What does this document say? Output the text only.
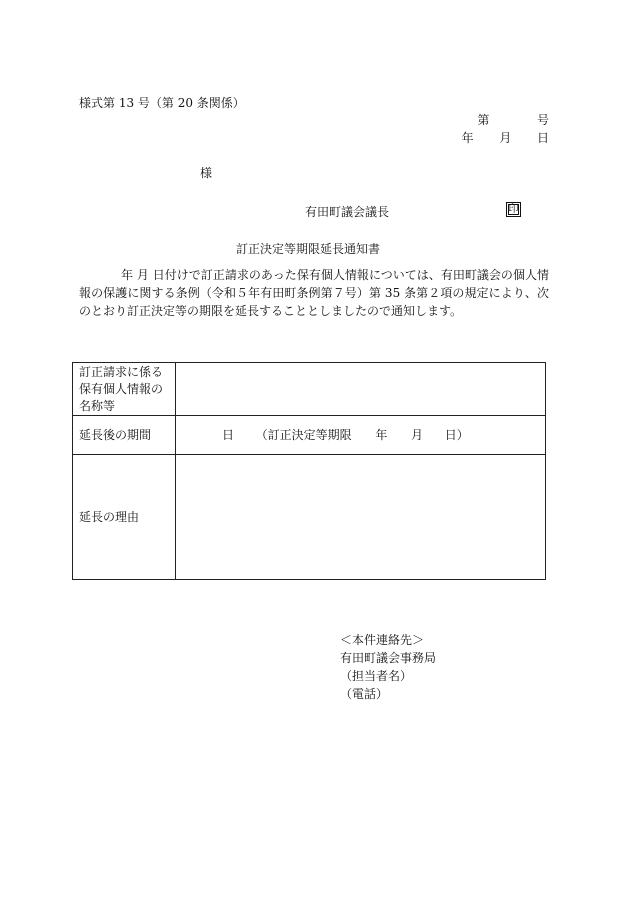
様式第 13 号（第 20 条関係）
第	号
年 月 日
様
有田町議会議長	印
訂正決定等期限延長通知書
年 月 日付けで訂正請求のあった保有個人情報については、有田町議会の個人情報の保護に関する条例（令和５年有田町条例第７号）第 35 条第２項の規定により、次のとおり訂正決定等の期限を延長することとしましたので通知します。
訂正請求に係る保有個人情報の名称等	
延長後の期間	日 （訂正決定等期限 年 月 日）
延長の理由	
＜本件連絡先＞
有田町議会事務局
（担当者名）
（電話）
